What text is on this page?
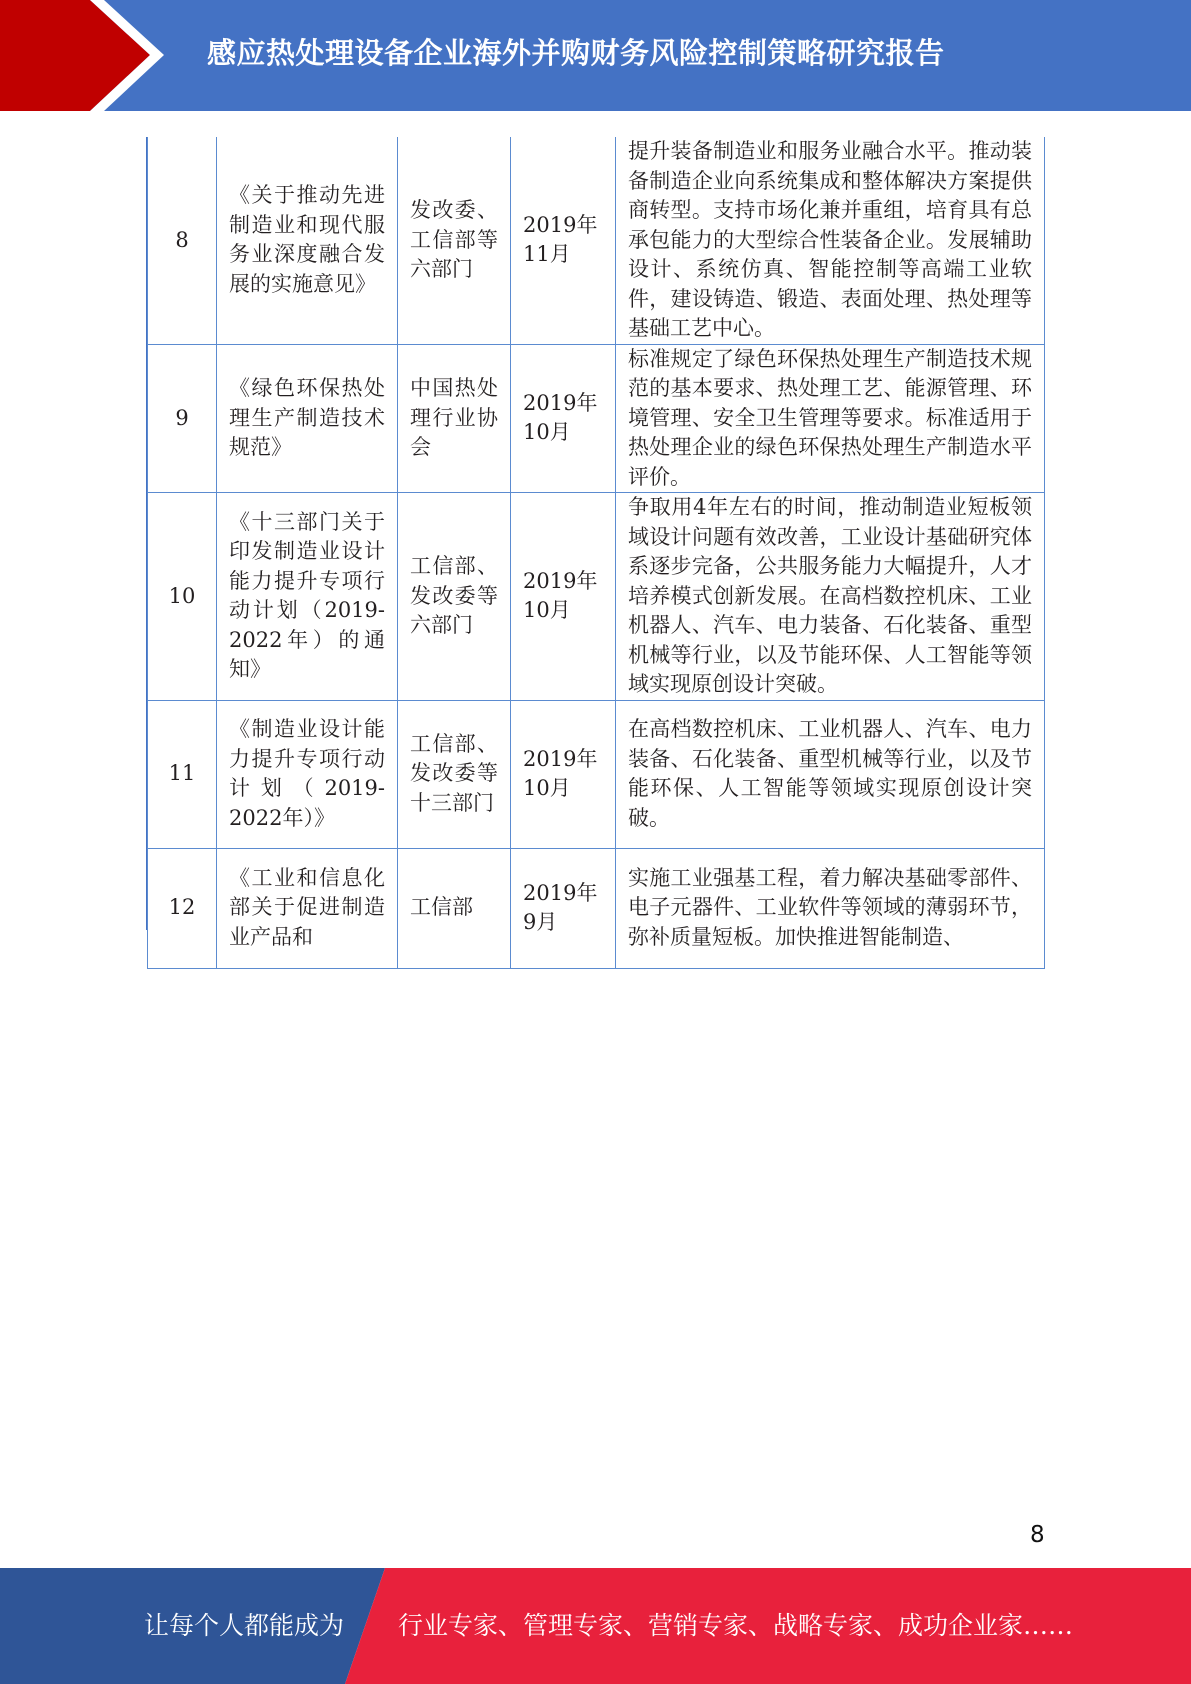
感应热处理设备企业海外并购财务风险控制策略研究报告
8	《关于推动先进制造业和现代服务业深度融合发展的实施意见》	发改委、工信部等六部门	2019年11月	提升装备制造业和服务业融合水平。推动装备制造企业向系统集成和整体解决方案提供商转型。支持市场化兼并重组，培育具有总承包能力的大型综合性装备企业。发展辅助设计、系统仿真、智能控制等高端工业软件，建设铸造、锻造、表面处理、热处理等基础工艺中心。
9	《绿色环保热处理生产制造技术规范》	中国热处理行业协会	2019年10月	标准规定了绿色环保热处理生产制造技术规范的基本要求、热处理工艺、能源管理、环境管理、安全卫生管理等要求。标准适用于热处理企业的绿色环保热处理生产制造水平评价。
10	《十三部门关于印发制造业设计能力提升专项行动计划（2019-2022年）的通知》	工信部、发改委等六部门	2019年10月	争取用4年左右的时间，推动制造业短板领域设计问题有效改善，工业设计基础研究体系逐步完备，公共服务能力大幅提升，人才培养模式创新发展。在高档数控机床、工业机器人、汽车、电力装备、石化装备、重型机械等行业，以及节能环保、人工智能等领域实现原创设计突破。
11	《制造业设计能力提升专项行动计划（2019-2022年）》	工信部、发改委等十三部门	2019年10月	在高档数控机床、工业机器人、汽车、电力装备、石化装备、重型机械等行业，以及节能环保、人工智能等领域实现原创设计突破。
12	《工业和信息化部关于促进制造业产品和	工信部	2019年9月	实施工业强基工程，着力解决基础零部件、电子元器件、工业软件等领域的薄弱环节，弥补质量短板。加快推进智能制造、
8
让每个人都能成为 行业专家、管理专家、营销专家、战略专家、成功企业家……
